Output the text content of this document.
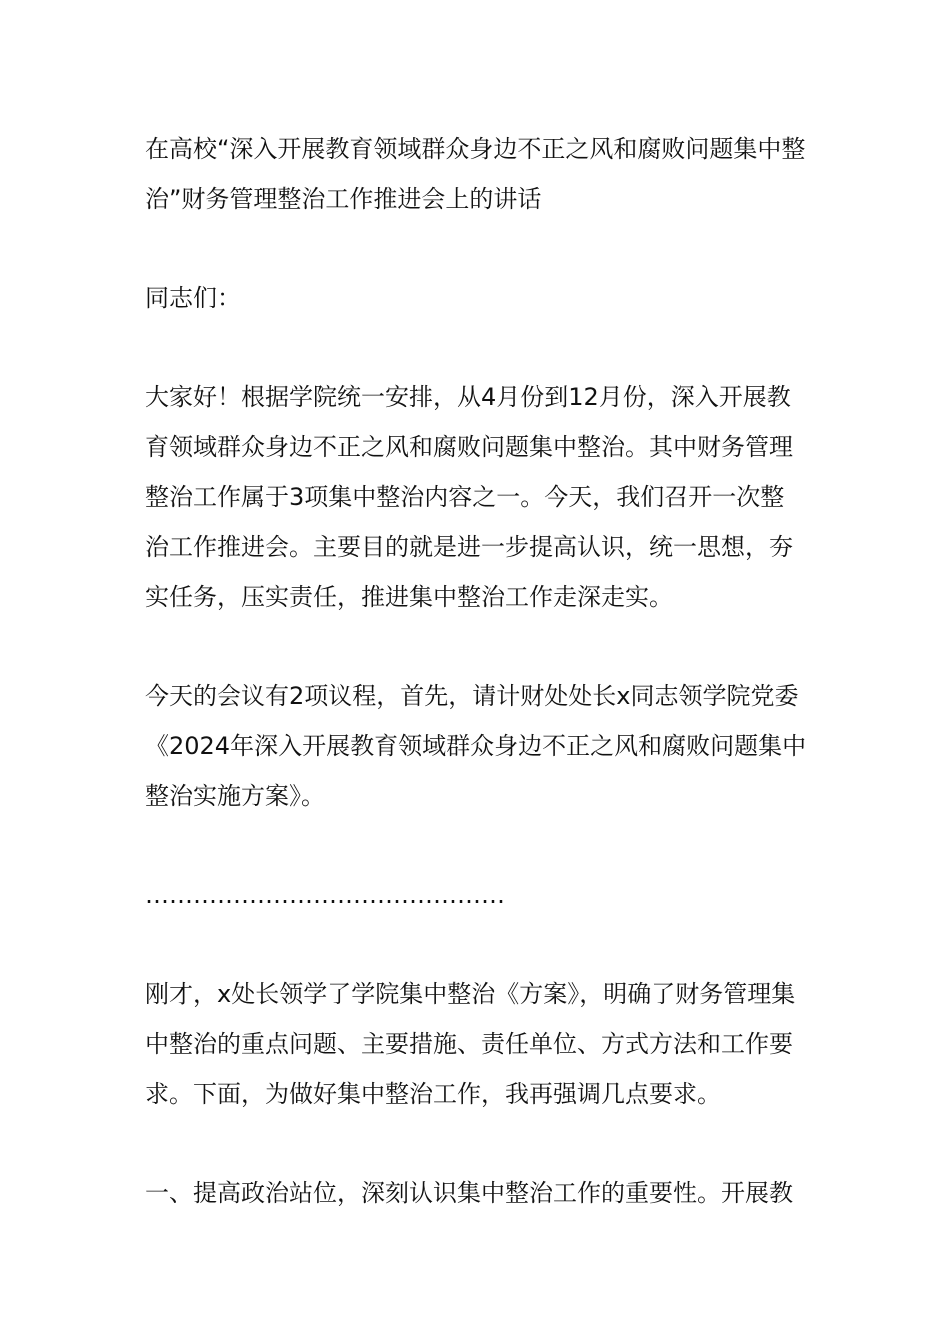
在高校“深入开展教育领域群众身边不正之风和腐败问题集中整治”财务管理整治工作推进会上的讲话

同志们：

大家好！根据学院统一安排，从4月份到12月份，深入开展教育领域群众身边不正之风和腐败问题集中整治。其中财务管理整治工作属于3项集中整治内容之一。今天，我们召开一次整治工作推进会。主要目的就是进一步提高认识，统一思想，夯实任务，压实责任，推进集中整治工作走深走实。

今天的会议有2项议程，首先，请计财处处长x同志领学院党委《2024年深入开展教育领域群众身边不正之风和腐败问题集中整治实施方案》。

………………………………………

刚才，x处长领学了学院集中整治《方案》，明确了财务管理集中整治的重点问题、主要措施、责任单位、方式方法和工作要求。下面，为做好集中整治工作，我再强调几点要求。

一、提高政治站位，深刻认识集中整治工作的重要性。开展教
